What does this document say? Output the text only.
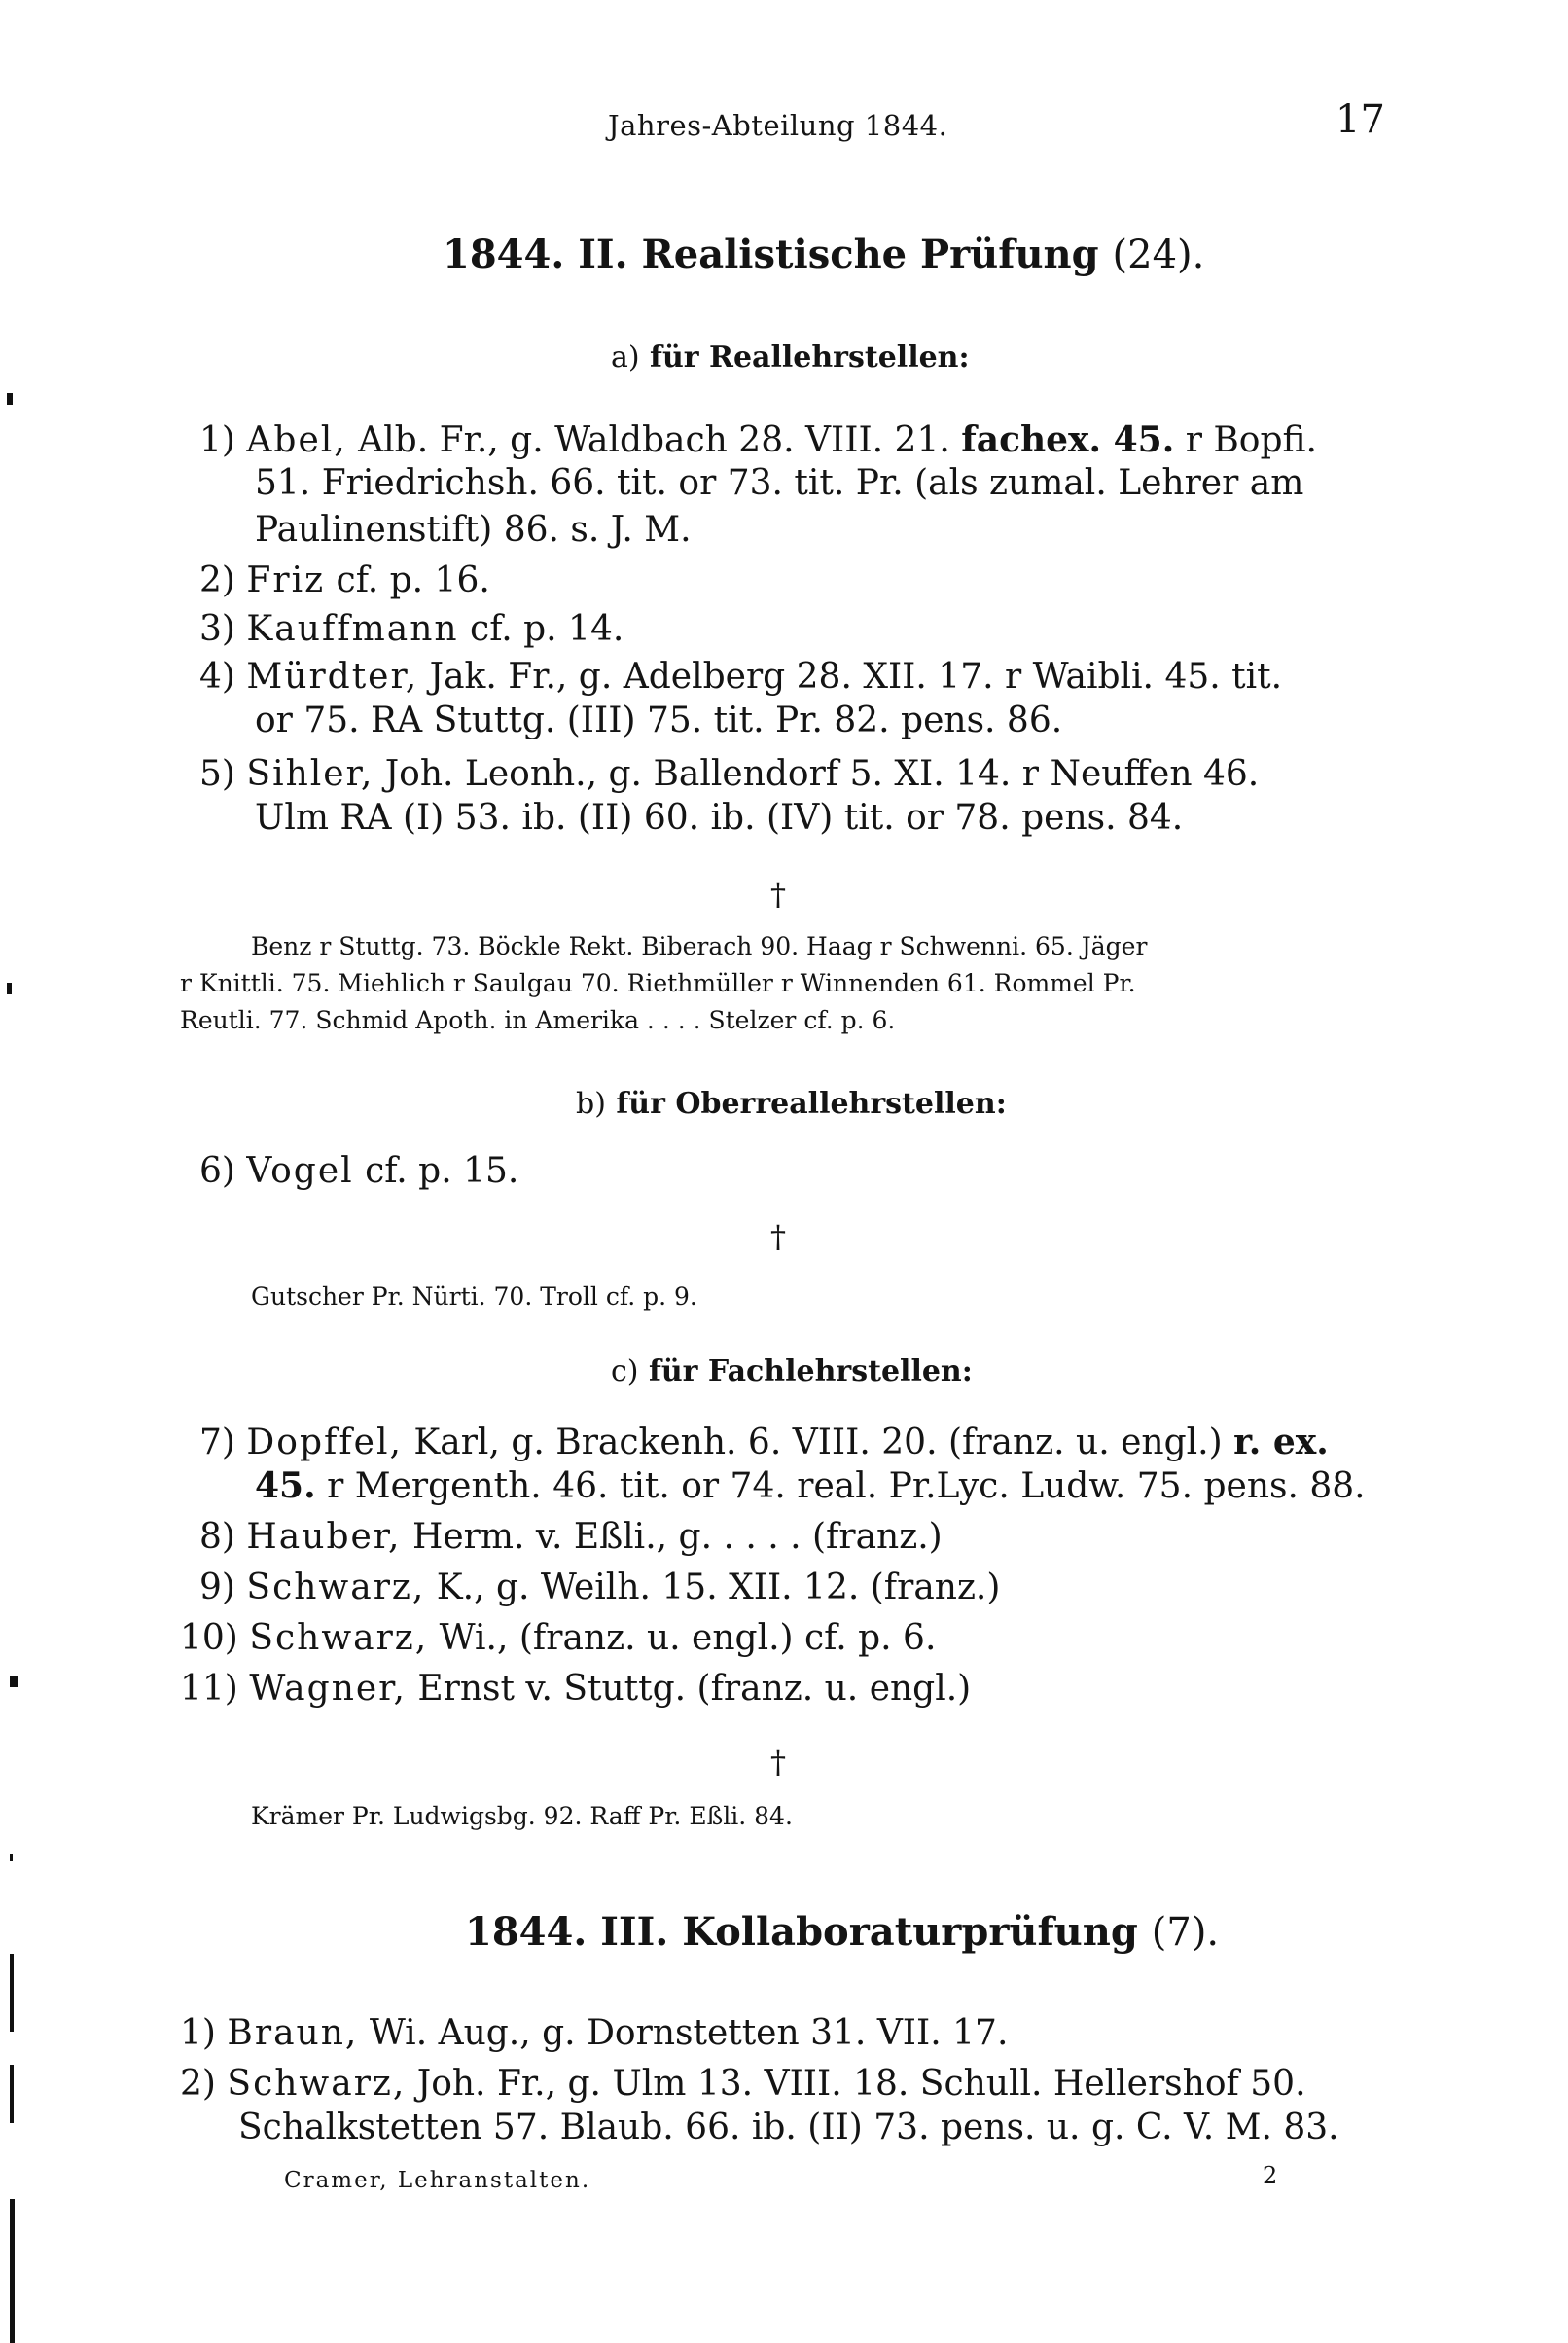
Jahres-Abteilung 1844.	17
1844. II. Realistische Prüfung (24).
a) für Reallehrstellen:
1) Abel, Alb. Fr., g. Waldbach 28. VIII. 21. fachex. 45. r Bopfi.
51. Friedrichsh. 66. tit. or 73. tit. Pr. (als zumal. Lehrer am
Paulinenstift) 86. s. J. M.
2) Friz cf. p. 16.
3) Kauffmann cf. p. 14.
4) Mürdter, Jak. Fr., g. Adelberg 28. XII. 17. r Waibli. 45. tit.
or 75. RA Stuttg. (III) 75. tit. Pr. 82. pens. 86.
5) Sihler, Joh. Leonh., g. Ballendorf 5. XI. 14. r Neuffen 46.
Ulm RA (I) 53. ib. (II) 60. ib. (IV) tit. or 78. pens. 84.
†
Benz r Stuttg. 73. Böckle Rekt. Biberach 90. Haag r Schwenni. 65. Jäger
r Knittli. 75. Miehlich r Saulgau 70. Riethmüller r Winnenden 61. Rommel Pr.
Reutli. 77. Schmid Apoth. in Amerika . . . . Stelzer cf. p. 6.
b) für Oberreallehrstellen:
6) Vogel cf. p. 15.
†
Gutscher Pr. Nürti. 70. Troll cf. p. 9.
c) für Fachlehrstellen:
7) Dopffel, Karl, g. Brackenh. 6. VIII. 20. (franz. u. engl.) r. ex.
45. r Mergenth. 46. tit. or 74. real. Pr.Lyc. Ludw. 75. pens. 88.
8) Hauber, Herm. v. Eßli., g. . . . . (franz.)
9) Schwarz, K., g. Weilh. 15. XII. 12. (franz.)
10) Schwarz, Wi., (franz. u. engl.) cf. p. 6.
11) Wagner, Ernst v. Stuttg. (franz. u. engl.)
†
Krämer Pr. Ludwigsbg. 92. Raff Pr. Eßli. 84.
1844. III. Kollaboraturprüfung (7).
1) Braun, Wi. Aug., g. Dornstetten 31. VII. 17.
2) Schwarz, Joh. Fr., g. Ulm 13. VIII. 18. Schull. Hellershof 50.
Schalkstetten 57. Blaub. 66. ib. (II) 73. pens. u. g. C. V. M. 83.
Cramer, Lehranstalten.	2
